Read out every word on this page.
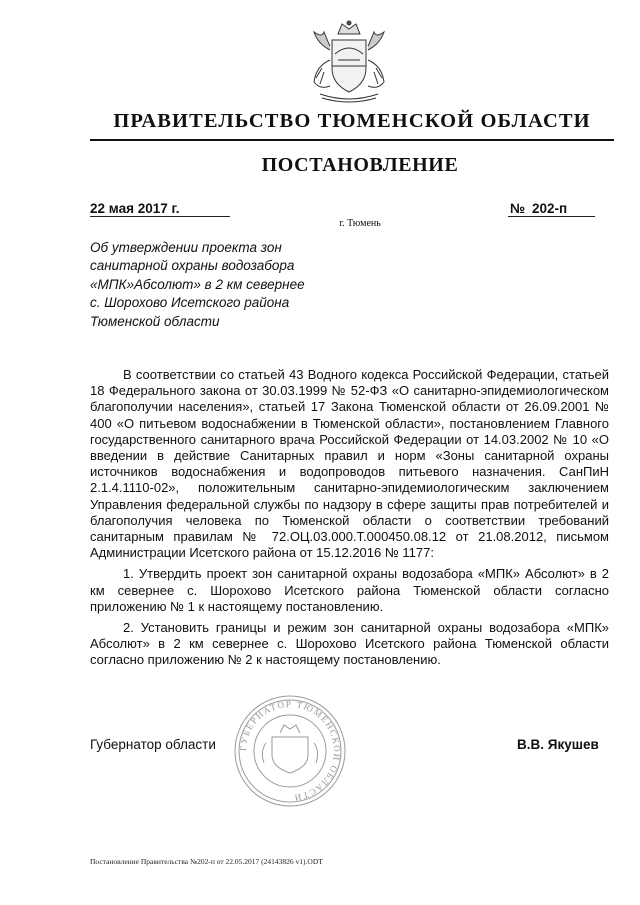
ПРАВИТЕЛЬСТВО ТЮМЕНСКОЙ ОБЛАСТИ
ПОСТАНОВЛЕНИЕ
22 мая 2017 г.
г. Тюмень
№ 202-п
Об утверждении проекта зон
санитарной охраны водозабора
«МПК»Абсолют» в 2 км севернее
с. Шорохово Исетского района
Тюменской области

В соответствии со статьей 43 Водного кодекса Российской Федерации, статьей 18 Федерального закона от 30.03.1999 № 52-ФЗ «О санитарно-эпидемиологическом благополучии населения», статьей 17 Закона Тюменской области от 26.09.2001 № 400 «О питьевом водоснабжении в Тюменской области», постановлением Главного государственного санитарного врача Российской Федерации от 14.03.2002 № 10 «О введении в действие Санитарных правил и норм «Зоны санитарной охраны источников водоснабжения и водопроводов питьевого назначения. СанПиН 2.1.4.1110-02», положительным санитарно-эпидемиологическим заключением Управления федеральной службы по надзору в сфере защиты прав потребителей и благополучия человека по Тюменской области о соответствии требований санитарным правилам № 72.ОЦ.03.000.Т.000450.08.12 от 21.08.2012, письмом Администрации Исетского района от 15.12.2016 № 1177:

1. Утвердить проект зон санитарной охраны водозабора «МПК» Абсолют» в 2 км севернее с. Шорохово Исетского района Тюменской области согласно приложению № 1 к настоящему постановлению.

2. Установить границы и режим зон санитарной охраны водозабора «МПК» Абсолют» в 2 км севернее с. Шорохово Исетского района Тюменской области согласно приложению № 2 к настоящему постановлению.

ГУБЕРНАТОР ТЮМЕНСКОЙ ОБЛАСТИ
Губернатор области	В.В. Якушев
Постановление Правительства №202-п от 22.05.2017 (24143826 v1).ODT
